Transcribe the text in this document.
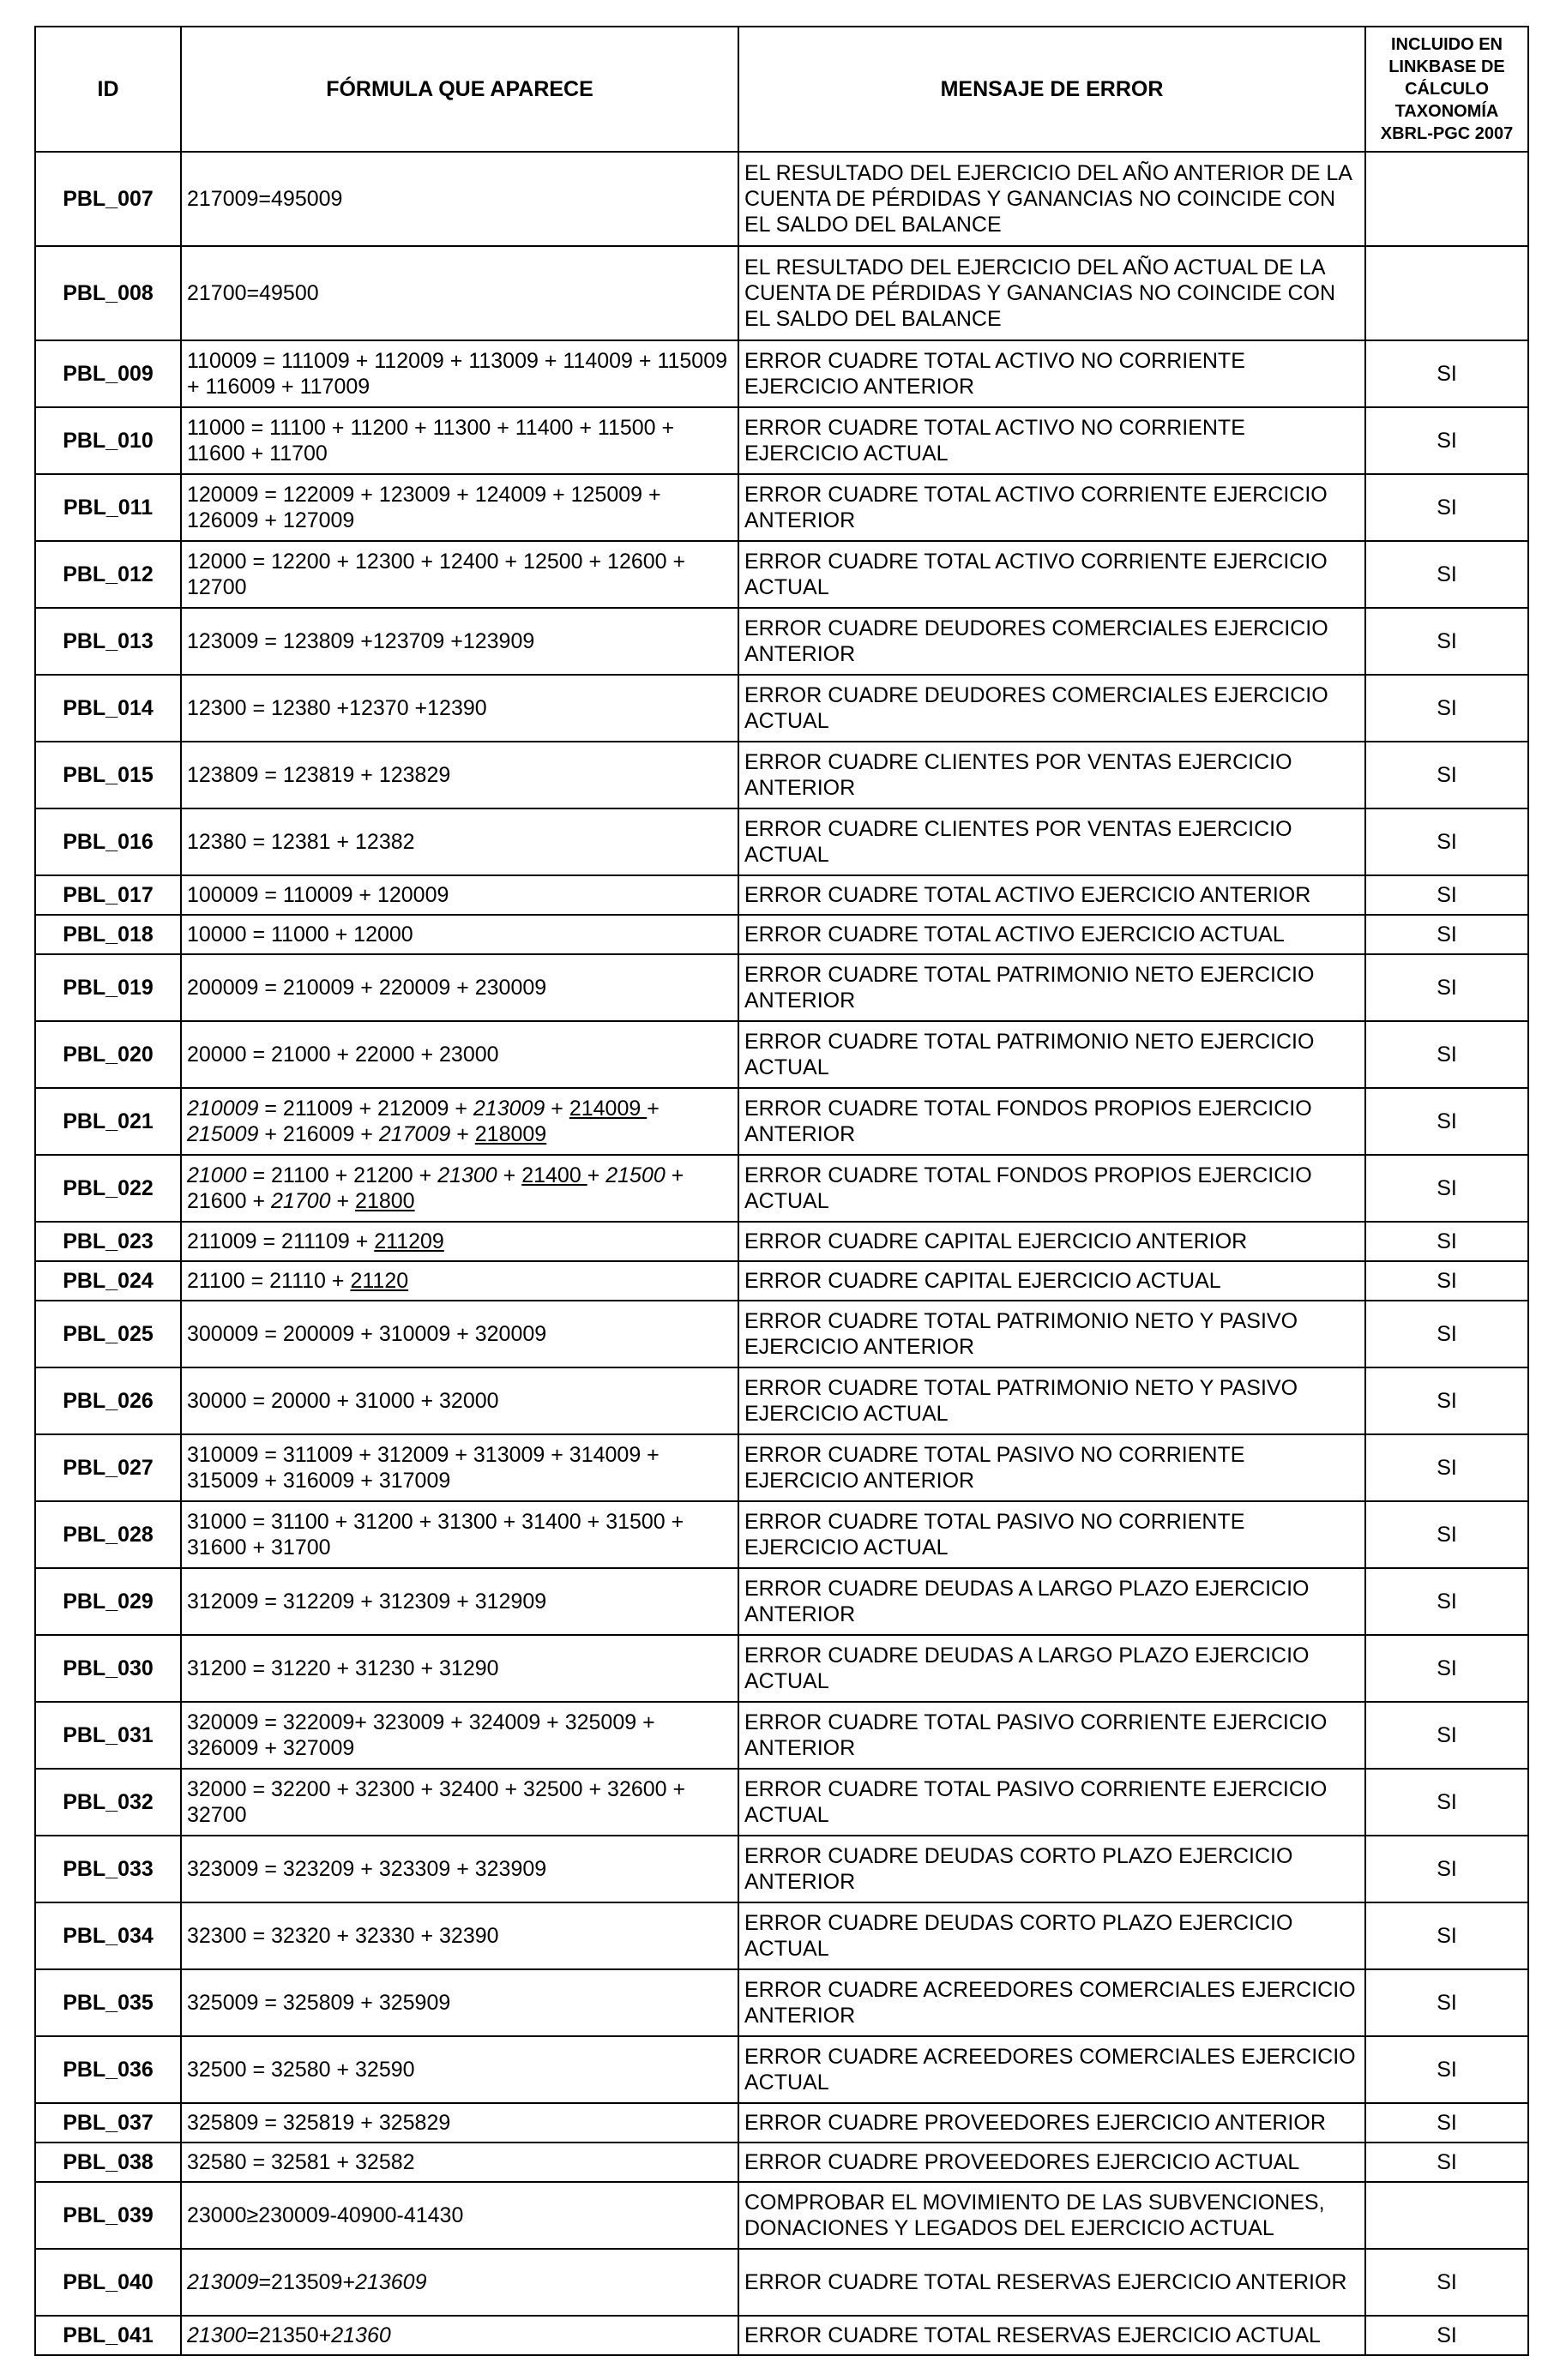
ID	FÓRMULA QUE APARECE	MENSAJE DE ERROR	INCLUIDO EN LINKBASE DE CÁLCULO TAXONOMÍA XBRL-PGC 2007
PBL_007	217009=495009	EL RESULTADO DEL EJERCICIO DEL AÑO ANTERIOR DE LA CUENTA DE PÉRDIDAS Y GANANCIAS NO COINCIDE CON EL SALDO DEL BALANCE	
PBL_008	21700=49500	EL RESULTADO DEL EJERCICIO DEL AÑO ACTUAL DE LA CUENTA DE PÉRDIDAS Y GANANCIAS NO COINCIDE CON EL SALDO DEL BALANCE	
PBL_009	110009 = 111009 + 112009 + 113009 + 114009 + 115009 + 116009 + 117009	ERROR CUADRE TOTAL ACTIVO NO CORRIENTE EJERCICIO ANTERIOR	SI
PBL_010	11000 = 11100 + 11200 + 11300 + 11400 + 11500 + 11600 + 11700	ERROR CUADRE TOTAL ACTIVO NO CORRIENTE EJERCICIO ACTUAL	SI
PBL_011	120009 = 122009 + 123009 + 124009 + 125009 + 126009 + 127009	ERROR CUADRE TOTAL ACTIVO CORRIENTE EJERCICIO ANTERIOR	SI
PBL_012	12000 = 12200 + 12300 + 12400 + 12500 + 12600 + 12700	ERROR CUADRE TOTAL ACTIVO CORRIENTE EJERCICIO ACTUAL	SI
PBL_013	123009 = 123809 +123709 +123909	ERROR CUADRE DEUDORES COMERCIALES EJERCICIO ANTERIOR	SI
PBL_014	12300 = 12380 +12370 +12390	ERROR CUADRE DEUDORES COMERCIALES EJERCICIO ACTUAL	SI
PBL_015	123809 = 123819 + 123829	ERROR CUADRE CLIENTES POR VENTAS EJERCICIO ANTERIOR	SI
PBL_016	12380 = 12381 + 12382	ERROR CUADRE CLIENTES POR VENTAS EJERCICIO ACTUAL	SI
PBL_017	100009 = 110009 + 120009	ERROR CUADRE TOTAL ACTIVO EJERCICIO ANTERIOR	SI
PBL_018	10000 = 11000 + 12000	ERROR CUADRE TOTAL ACTIVO EJERCICIO ACTUAL	SI
PBL_019	200009 = 210009 + 220009 + 230009	ERROR CUADRE TOTAL PATRIMONIO NETO EJERCICIO ANTERIOR	SI
PBL_020	20000 = 21000 + 22000 + 23000	ERROR CUADRE TOTAL PATRIMONIO NETO EJERCICIO ACTUAL	SI
PBL_021	210009 = 211009 + 212009 + 213009 + 214009 + 215009 + 216009 + 217009 + 218009	ERROR CUADRE TOTAL FONDOS PROPIOS EJERCICIO ANTERIOR	SI
PBL_022	21000 = 21100 + 21200 + 21300 + 21400 + 21500 + 21600 + 21700 + 21800	ERROR CUADRE TOTAL FONDOS PROPIOS EJERCICIO ACTUAL	SI
PBL_023	211009 = 211109 + 211209	ERROR CUADRE CAPITAL EJERCICIO ANTERIOR	SI
PBL_024	21100 = 21110 + 21120	ERROR CUADRE CAPITAL EJERCICIO ACTUAL	SI
PBL_025	300009 = 200009 + 310009 + 320009	ERROR CUADRE TOTAL PATRIMONIO NETO Y PASIVO EJERCICIO ANTERIOR	SI
PBL_026	30000 = 20000 + 31000 + 32000	ERROR CUADRE TOTAL PATRIMONIO NETO Y PASIVO EJERCICIO ACTUAL	SI
PBL_027	310009 = 311009 + 312009 + 313009 + 314009 + 315009 + 316009 + 317009	ERROR CUADRE TOTAL PASIVO NO CORRIENTE EJERCICIO ANTERIOR	SI
PBL_028	31000 = 31100 + 31200 + 31300 + 31400 + 31500 + 31600 + 31700	ERROR CUADRE TOTAL PASIVO NO CORRIENTE EJERCICIO ACTUAL	SI
PBL_029	312009 = 312209 + 312309 + 312909	ERROR CUADRE DEUDAS A LARGO PLAZO EJERCICIO ANTERIOR	SI
PBL_030	31200 = 31220 + 31230 + 31290	ERROR CUADRE DEUDAS A LARGO PLAZO EJERCICIO ACTUAL	SI
PBL_031	320009 = 322009+ 323009 + 324009 + 325009 + 326009 + 327009	ERROR CUADRE TOTAL PASIVO CORRIENTE EJERCICIO ANTERIOR	SI
PBL_032	32000 = 32200 + 32300 + 32400 + 32500 + 32600 + 32700	ERROR CUADRE TOTAL PASIVO CORRIENTE EJERCICIO ACTUAL	SI
PBL_033	323009 = 323209 + 323309 + 323909	ERROR CUADRE DEUDAS CORTO PLAZO EJERCICIO ANTERIOR	SI
PBL_034	32300 = 32320 + 32330 + 32390	ERROR CUADRE DEUDAS CORTO PLAZO EJERCICIO ACTUAL	SI
PBL_035	325009 = 325809 + 325909	ERROR CUADRE ACREEDORES COMERCIALES EJERCICIO ANTERIOR	SI
PBL_036	32500 = 32580 + 32590	ERROR CUADRE ACREEDORES COMERCIALES EJERCICIO ACTUAL	SI
PBL_037	325809 = 325819 + 325829	ERROR CUADRE PROVEEDORES EJERCICIO ANTERIOR	SI
PBL_038	32580 = 32581 + 32582	ERROR CUADRE PROVEEDORES EJERCICIO ACTUAL	SI
PBL_039	23000≥230009-40900-41430	COMPROBAR EL MOVIMIENTO DE LAS SUBVENCIONES, DONACIONES Y LEGADOS DEL EJERCICIO ACTUAL	
PBL_040	213009=213509+213609	ERROR CUADRE TOTAL RESERVAS EJERCICIO ANTERIOR	SI
PBL_041	21300=21350+21360	ERROR CUADRE TOTAL RESERVAS EJERCICIO ACTUAL	SI
